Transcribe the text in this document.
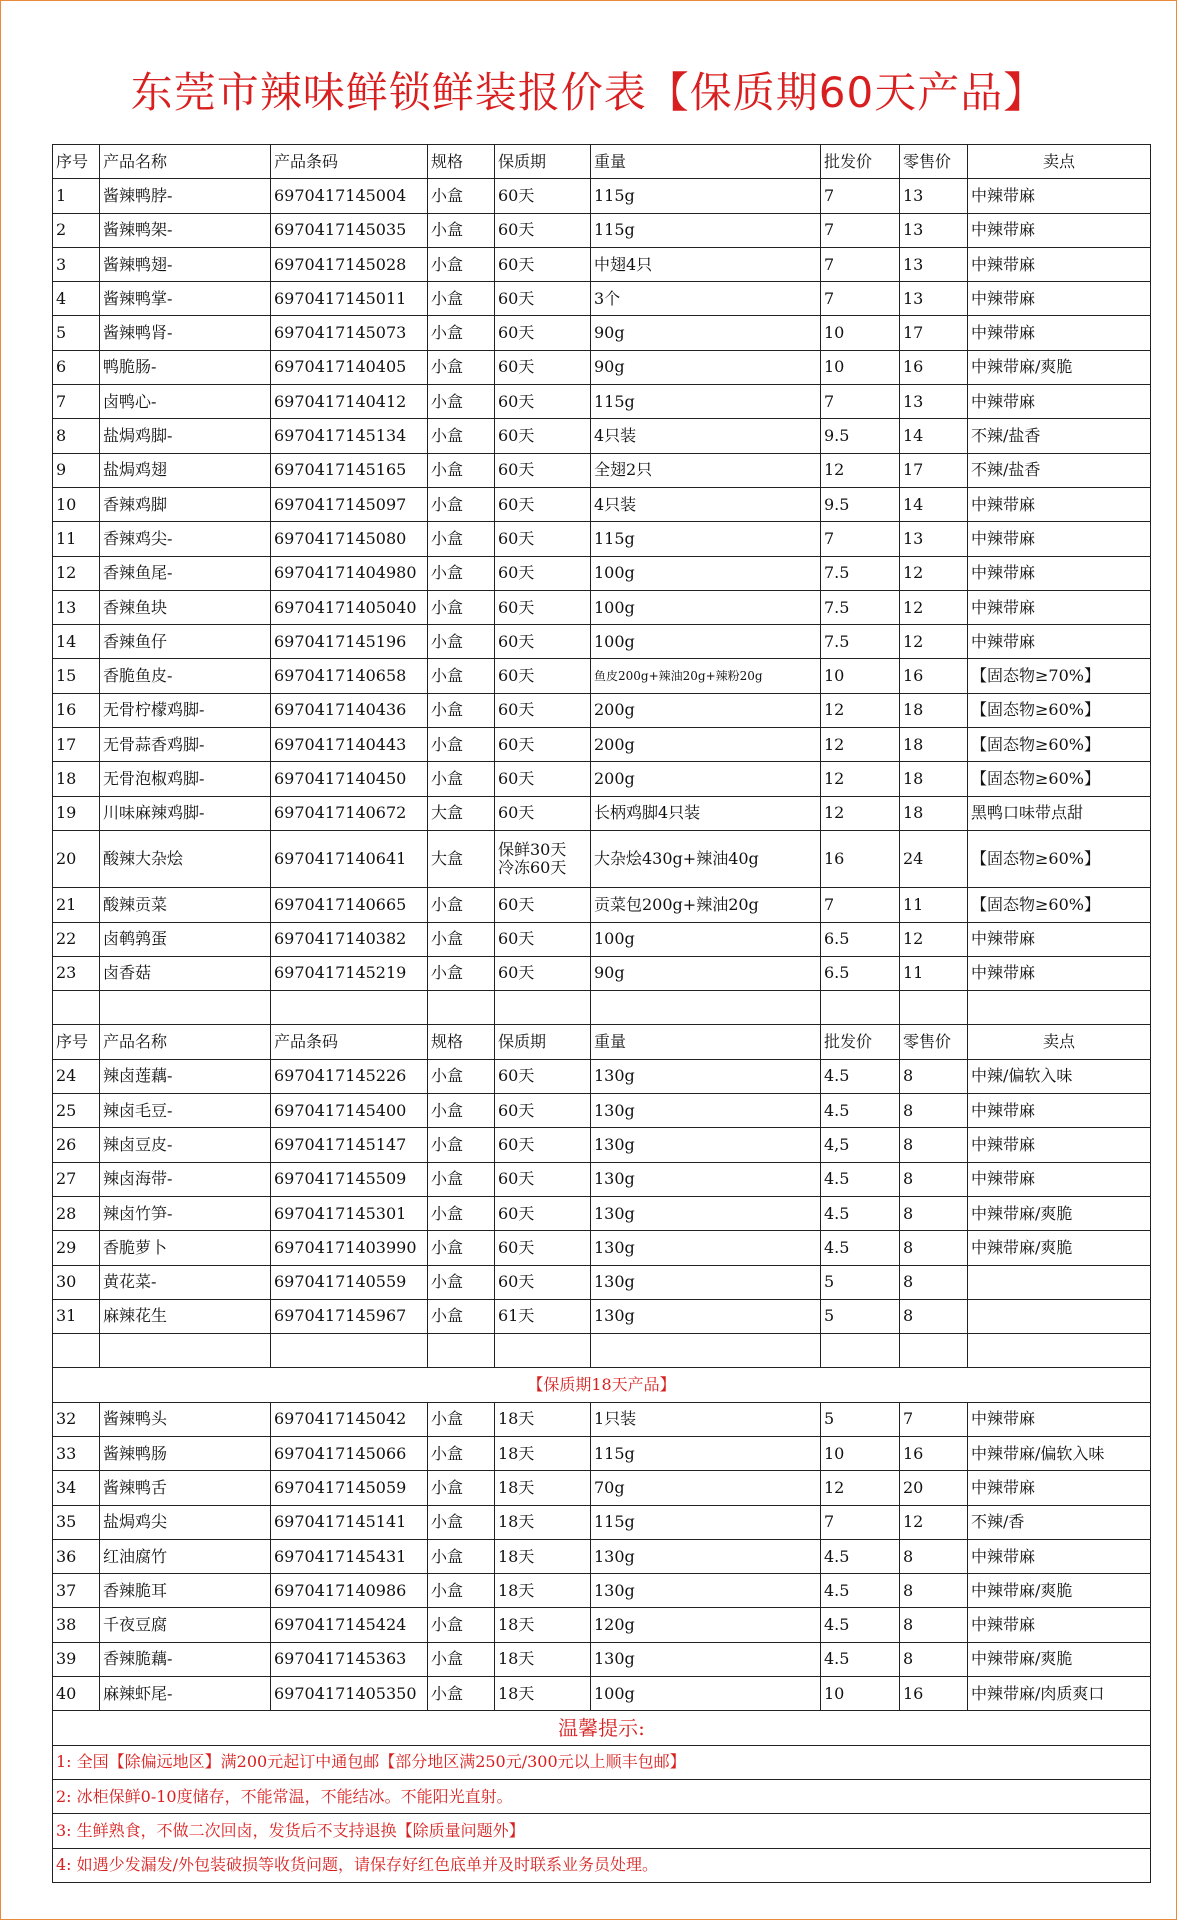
东莞市辣味鲜锁鲜装报价表【保质期60天产品】
序号	产品名称	产品条码	规格	保质期	重量	批发价	零售价	卖点
1	酱辣鸭脖-	6970417145004	小盒	60天	115g	7	13	中辣带麻
2	酱辣鸭架-	6970417145035	小盒	60天	115g	7	13	中辣带麻
3	酱辣鸭翅-	6970417145028	小盒	60天	中翅4只	7	13	中辣带麻
4	酱辣鸭掌-	6970417145011	小盒	60天	3个	7	13	中辣带麻
5	酱辣鸭肾-	6970417145073	小盒	60天	90g	10	17	中辣带麻
6	鸭脆肠-	6970417140405	小盒	60天	90g	10	16	中辣带麻/爽脆
7	卤鸭心-	6970417140412	小盒	60天	115g	7	13	中辣带麻
8	盐焗鸡脚-	6970417145134	小盒	60天	4只装	9.5	14	不辣/盐香
9	盐焗鸡翅	6970417145165	小盒	60天	全翅2只	12	17	不辣/盐香
10	香辣鸡脚	6970417145097	小盒	60天	4只装	9.5	14	中辣带麻
11	香辣鸡尖-	6970417145080	小盒	60天	115g	7	13	中辣带麻
12	香辣鱼尾-	69704171404980	小盒	60天	100g	7.5	12	中辣带麻
13	香辣鱼块	69704171405040	小盒	60天	100g	7.5	12	中辣带麻
14	香辣鱼仔	6970417145196	小盒	60天	100g	7.5	12	中辣带麻
15	香脆鱼皮-	6970417140658	小盒	60天	鱼皮200g+辣油20g+辣粉20g	10	16	【固态物≥70%】
16	无骨柠檬鸡脚-	6970417140436	小盒	60天	200g	12	18	【固态物≥60%】
17	无骨蒜香鸡脚-	6970417140443	小盒	60天	200g	12	18	【固态物≥60%】
18	无骨泡椒鸡脚-	6970417140450	小盒	60天	200g	12	18	【固态物≥60%】
19	川味麻辣鸡脚-	6970417140672	大盒	60天	长柄鸡脚4只装	12	18	黑鸭口味带点甜
20	酸辣大杂烩	6970417140641	大盒	保鲜30天
冷冻60天	大杂烩430g+辣油40g	16	24	【固态物≥60%】
21	酸辣贡菜	6970417140665	小盒	60天	贡菜包200g+辣油20g	7	11	【固态物≥60%】
22	卤鹌鹑蛋	6970417140382	小盒	60天	100g	6.5	12	中辣带麻
23	卤香菇	6970417145219	小盒	60天	90g	6.5	11	中辣带麻

序号	产品名称	产品条码	规格	保质期	重量	批发价	零售价	卖点
24	辣卤莲藕-	6970417145226	小盒	60天	130g	4.5	8	中辣/偏软入味
25	辣卤毛豆-	6970417145400	小盒	60天	130g	4.5	8	中辣带麻
26	辣卤豆皮-	6970417145147	小盒	60天	130g	4,5	8	中辣带麻
27	辣卤海带-	6970417145509	小盒	60天	130g	4.5	8	中辣带麻
28	辣卤竹笋-	6970417145301	小盒	60天	130g	4.5	8	中辣带麻/爽脆
29	香脆萝卜	69704171403990	小盒	60天	130g	4.5	8	中辣带麻/爽脆
30	黄花菜-	6970417140559	小盒	60天	130g	5	8	
31	麻辣花生	6970417145967	小盒	61天	130g	5	8	

【保质期18天产品】								
32	酱辣鸭头	6970417145042	小盒	18天	1只装	5	7	中辣带麻
33	酱辣鸭肠	6970417145066	小盒	18天	115g	10	16	中辣带麻/偏软入味
34	酱辣鸭舌	6970417145059	小盒	18天	70g	12	20	中辣带麻
35	盐焗鸡尖	6970417145141	小盒	18天	115g	7	12	不辣/香
36	红油腐竹	6970417145431	小盒	18天	130g	4.5	8	中辣带麻
37	香辣脆耳	6970417140986	小盒	18天	130g	4.5	8	中辣带麻/爽脆
38	千夜豆腐	6970417145424	小盒	18天	120g	4.5	8	中辣带麻
39	香辣脆藕-	6970417145363	小盒	18天	130g	4.5	8	中辣带麻/爽脆
40	麻辣虾尾-	69704171405350	小盒	18天	100g	10	16	中辣带麻/肉质爽口
温馨提示:								
1: 全国【除偏远地区】满200元起订中通包邮【部分地区满250元/300元以上顺丰包邮】								
2: 冰柜保鲜0-10度储存，不能常温，不能结冰。不能阳光直射。								
3: 生鲜熟食，不做二次回卤，发货后不支持退换【除质量问题外】								
4: 如遇少发漏发/外包装破损等收货问题，请保存好红色底单并及时联系业务员处理。								
